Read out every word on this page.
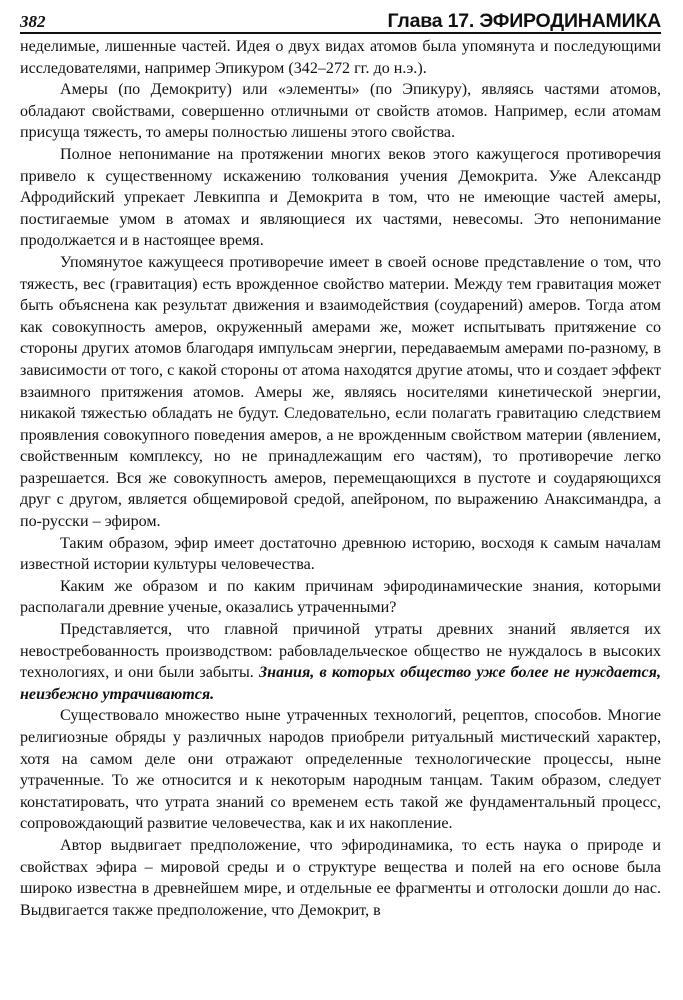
382	Глава 17. ЭФИРОДИНАМИКА

неделимые, лишенные частей. Идея о двух видах атомов была упомянута и последующими исследователями, например Эпикуром (342–272 гг. до н.э.).

Амеры (по Демокриту) или «элементы» (по Эпикуру), являясь частями атомов, обладают свойствами, совершенно отличными от свойств атомов. Например, если атомам присуща тяжесть, то амеры полностью лишены этого свойства.

Полное непонимание на протяжении многих веков этого кажущегося противоречия привело к существенному искажению толкования учения Демокрита. Уже Александр Афродийский упрекает Левкиппа и Демокрита в том, что не имеющие частей амеры, постигаемые умом в атомах и являющиеся их частями, невесомы. Это непонимание продолжается и в настоящее время.

Упомянутое кажущееся противоречие имеет в своей основе представление о том, что тяжесть, вес (гравитация) есть врожденное свойство материи. Между тем гравитация может быть объяснена как результат движения и взаимодействия (соударений) амеров. Тогда атом как совокупность амеров, окруженный амерами же, может испытывать притяжение со стороны других атомов благодаря импульсам энергии, передаваемым амерами по-разному, в зависимости от того, с какой стороны от атома находятся другие атомы, что и создает эффект взаимного притяжения атомов. Амеры же, являясь носителями кинетической энергии, никакой тяжестью обладать не будут. Следовательно, если полагать гравитацию следствием проявления совокупного поведения амеров, а не врожденным свойством материи (явлением, свойственным комплексу, но не принадлежащим его частям), то противоречие легко разрешается. Вся же совокупность амеров, перемещающихся в пустоте и соударяющихся друг с другом, является общемировой средой, апейроном, по выражению Анаксимандра, а по-русски – эфиром.

Таким образом, эфир имеет достаточно древнюю историю, восходя к самым началам известной истории культуры человечества.

Каким же образом и по каким причинам эфиродинамические знания, которыми располагали древние ученые, оказались утраченными?

Представляется, что главной причиной утраты древних знаний является их невостребованность производством: рабовладельческое общество не нуждалось в высоких технологиях, и они были забыты. Знания, в которых общество уже более не нуждается, неизбежно утрачиваются.

Существовало множество ныне утраченных технологий, рецептов, способов. Многие религиозные обряды у различных народов приобрели ритуальный мистический характер, хотя на самом деле они отражают определенные технологические процессы, ныне утраченные. То же относится и к некоторым народным танцам. Таким образом, следует констатировать, что утрата знаний со временем есть такой же фундаментальный процесс, сопровождающий развитие человечества, как и их накопление.

Автор выдвигает предположение, что эфиродинамика, то есть наука о природе и свойствах эфира – мировой среды и о структуре вещества и полей на его основе была широко известна в древнейшем мире, и отдельные ее фрагменты и отголоски дошли до нас. Выдвигается также предположение, что Демокрит, в
